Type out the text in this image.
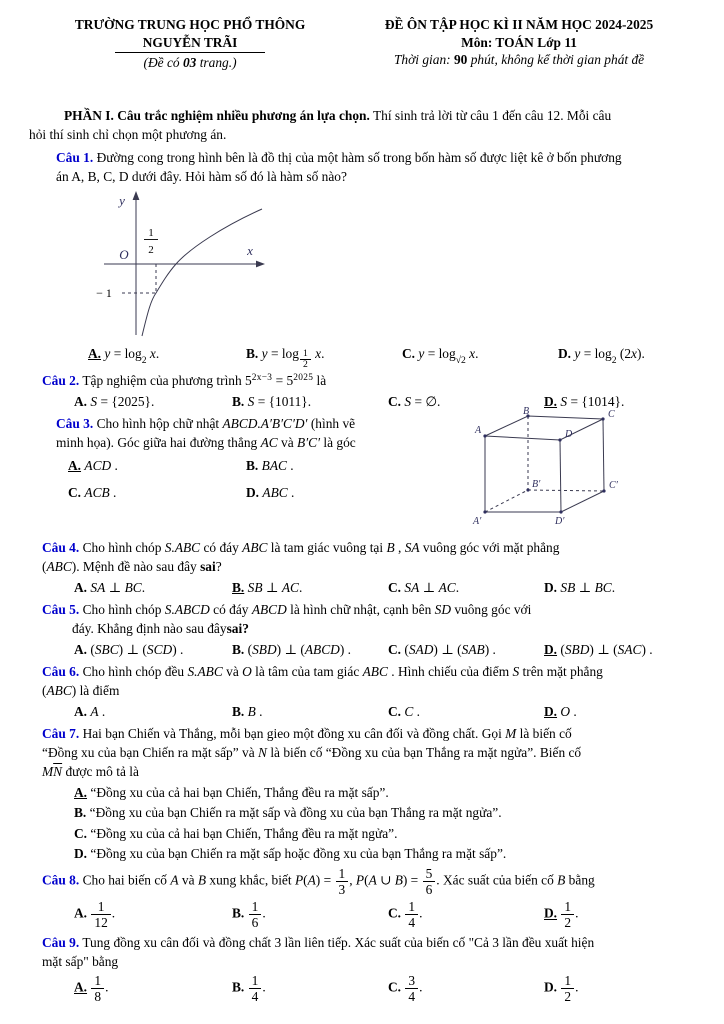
TRƯỜNG TRUNG HỌC PHỔ THÔNG
NGUYỄN TRÃI
(Đề có 03 trang.)
ĐỀ ÔN TẬP HỌC KÌ II NĂM HỌC 2024-2025
Môn: TOÁN Lớp 11
Thời gian: 90 phút, không kể thời gian phát đề
PHẦN I. Câu trắc nghiệm nhiều phương án lựa chọn. Thí sinh trả lời từ câu 1 đến câu 12. Mỗi câu
hỏi thí sinh chỉ chọn một phương án.
Câu 1. Đường cong trong hình bên là đồ thị của một hàm số trong bốn hàm số được liệt kê ở bốn phương
án A, B, C, D dưới đây. Hỏi hàm số đó là hàm số nào?
y
x
O
1
2
− 1
A. $y = \log_2 x$.	B. y = log $_{\frac{1}{2}}$ x.	C. $y = \log_{√2} x$.	D. $y = \log_2 (2x)$.
Câu 2. Tập nghiệm của phương trình $5^{2x-3} = 5^{2025}$ là
A. S = {2025}.	B. S = {1011}.	C. S = ∅.	D. S = {1014}.
Câu 3. Cho hình hộp chữ nhật ABCD.A′B′C′D′ (hình vẽ
minh họa). Góc giữa hai đường thẳng AC và B′C′ là góc
A. ACD .	B. BAC .
C. ACB .	D. ABC .
A
B	C
D
A′
B′	C′
D′
Câu 4. Cho hình chóp S.ABC có đáy ABC là tam giác vuông tại B , SA vuông góc với mặt phẳng
(ABC). Mệnh đề nào sau đây sai?
A. SA ⊥ BC.	B. SB ⊥ AC.	C. SA ⊥ AC.	D. SB ⊥ BC.
Câu 5. Cho hình chóp S.ABCD có đáy ABCD là hình chữ nhật, cạnh bên SD vuông góc với
đáy. Khẳng định nào sau đâysai?
A. (SBC) ⊥ (SCD) .	B. (SBD) ⊥ (ABCD) .	C. (SAD) ⊥ (SAB) .	D. (SBD) ⊥ (SAC) .
Câu 6. Cho hình chóp đều S.ABC và O là tâm của tam giác ABC . Hình chiếu của điểm S trên mặt phẳng
(ABC) là điểm
A. A .	B. B .	C. C .	D. O .
Câu 7. Hai bạn Chiến và Thắng, mỗi bạn gieo một đồng xu cân đối và đồng chất. Gọi M là biến cố
“Đồng xu của bạn Chiến ra mặt sấp” và N là biến cố “Đồng xu của bạn Thắng ra mặt ngửa”. Biến cố
$M\overline{N}$ được mô tả là
A. “Đồng xu của cả hai bạn Chiến, Thắng đều ra mặt sấp”.
B. “Đồng xu của bạn Chiến ra mặt sấp và đồng xu của bạn Thắng ra mặt ngửa”.
C. “Đồng xu của cả hai bạn Chiến, Thắng đều ra mặt ngửa”.
D. “Đồng xu của bạn Chiến ra mặt sấp hoặc đồng xu của bạn Thắng ra mặt sấp”.
Câu 8. Cho hai biến cố A và B xung khắc, biết $P(A) = \frac{1}{3}$ , P(A ∪ $B) = \frac{5}{6}$ . Xác suất của biến cố B bằng
A. $\frac{1}{12}$ .	B. $\frac{1}{6}$ .	C. $\frac{1}{4}$ .	D. $\frac{1}{2}$ .
Câu 9. Tung đồng xu cân đối và đồng chất 3 lần liên tiếp. Xác suất của biến cố "Cả 3 lần đều xuất hiện
mặt sấp" bằng
A. $\frac{1}{8}$ .	B. $\frac{1}{4}$ .	C. $\frac{3}{4}$ .	D. $\frac{1}{2}$ .
